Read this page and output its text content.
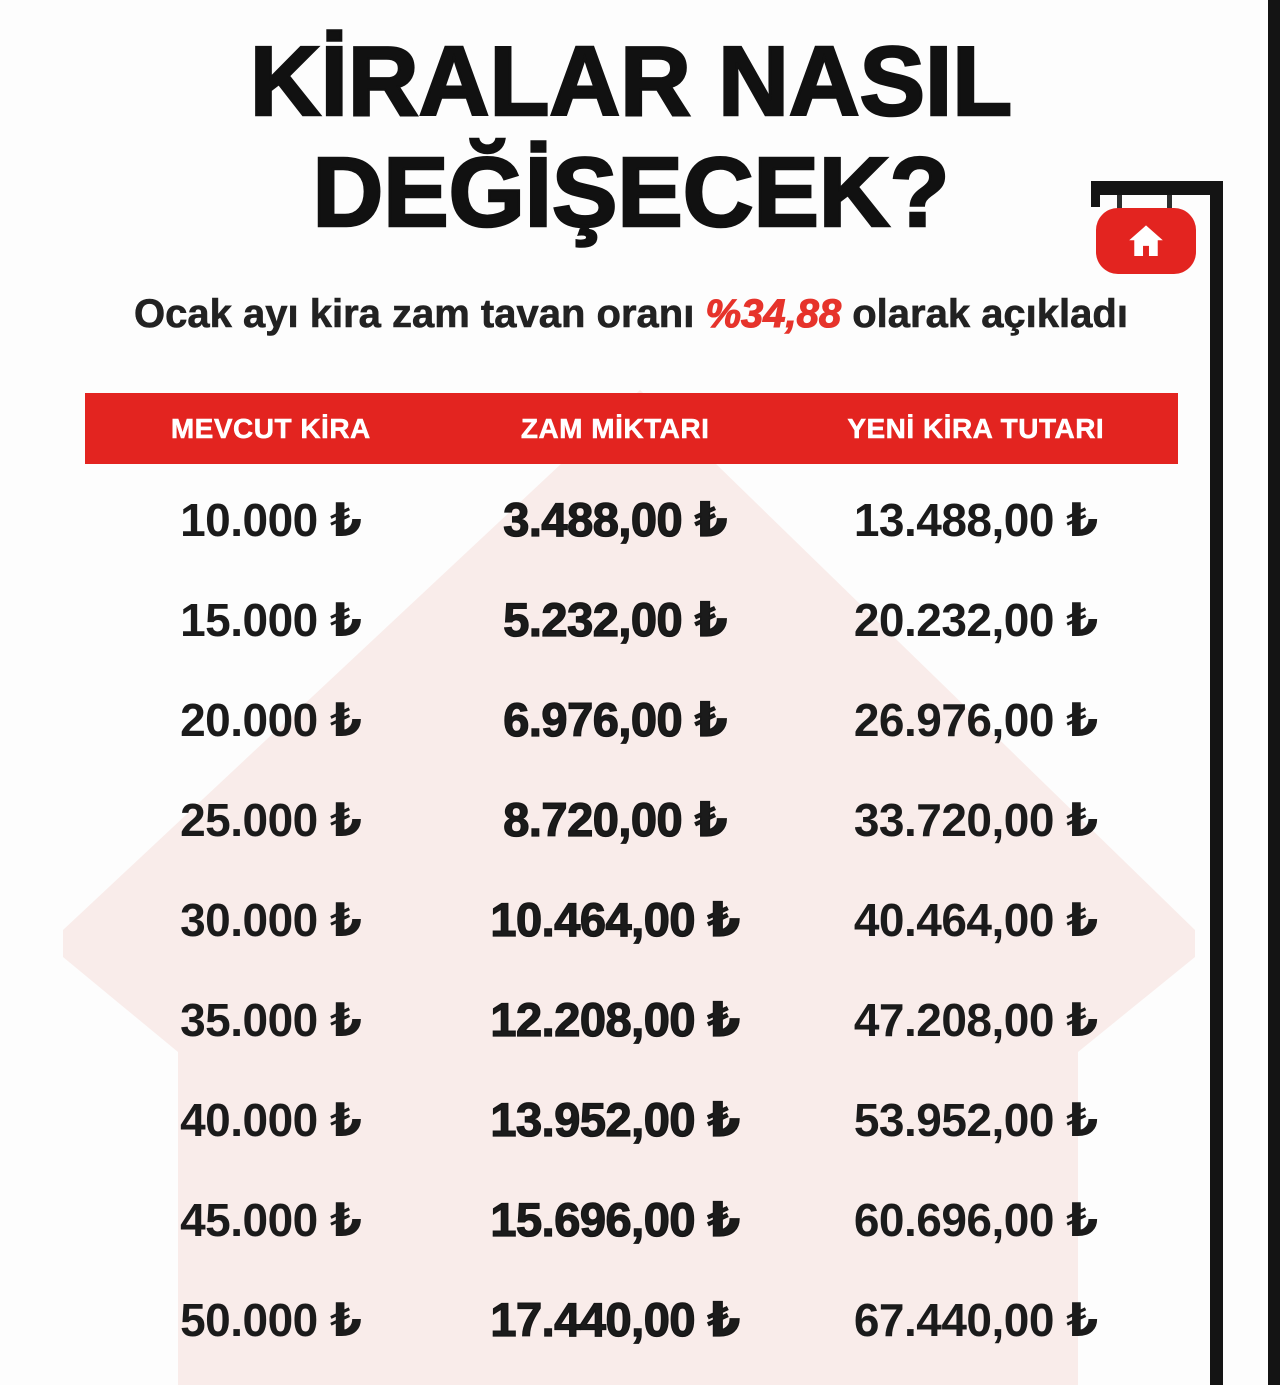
KİRALAR NASIL
DEĞİŞECEK?
Ocak ayı kira zam tavan oranı %34,88 olarak açıkladı
MEVCUT KİRA	ZAM MİKTARI	YENİ KİRA TUTARI
10.000 ₺	3.488,00 ₺	13.488,00 ₺
15.000 ₺	5.232,00 ₺	20.232,00 ₺
20.000 ₺	6.976,00 ₺	26.976,00 ₺
25.000 ₺	8.720,00 ₺	33.720,00 ₺
30.000 ₺	10.464,00 ₺	40.464,00 ₺
35.000 ₺	12.208,00 ₺	47.208,00 ₺
40.000 ₺	13.952,00 ₺	53.952,00 ₺
45.000 ₺	15.696,00 ₺	60.696,00 ₺
50.000 ₺	17.440,00 ₺	67.440,00 ₺
